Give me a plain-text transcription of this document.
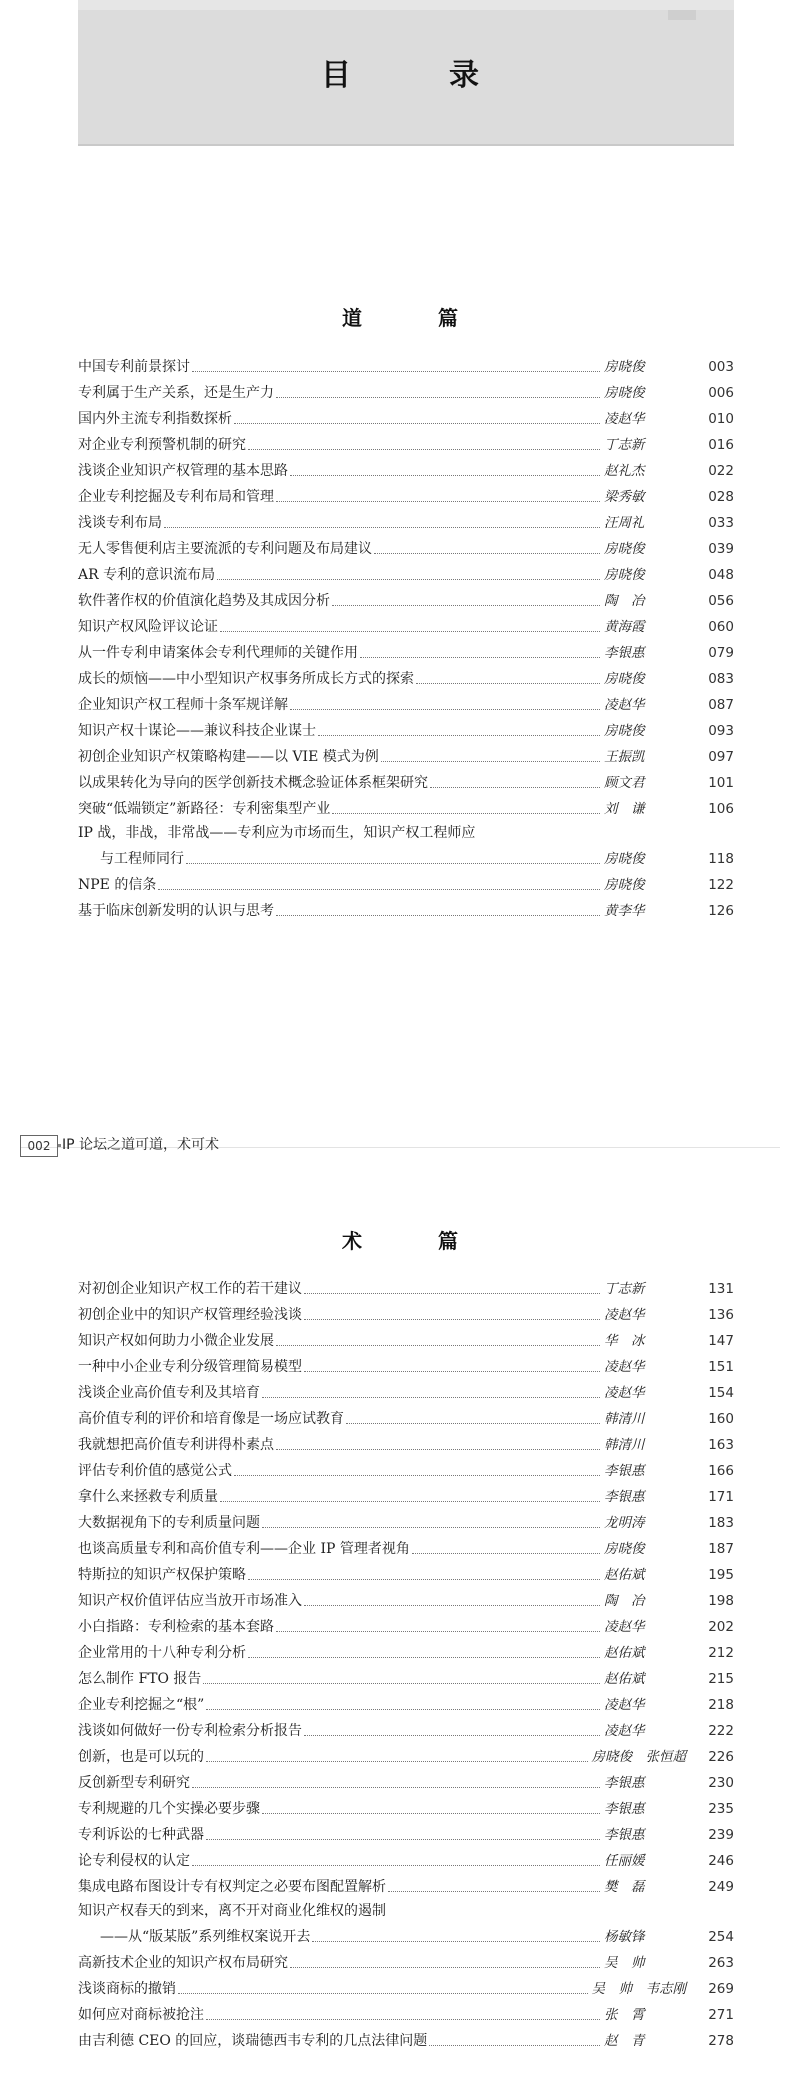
目　录
道　篇
中国专利前景探讨	房晓俊	003
专利属于生产关系，还是生产力	房晓俊	006
国内外主流专利指数探析	凌赵华	010
对企业专利预警机制的研究	丁志新	016
浅谈企业知识产权管理的基本思路	赵礼杰	022
企业专利挖掘及专利布局和管理	梁秀敏	028
浅谈专利布局	汪周礼	033
无人零售便利店主要流派的专利问题及布局建议	房晓俊	039
AR 专利的意识流布局	房晓俊	048
软件著作权的价值演化趋势及其成因分析	陶　冶	056
知识产权风险评议论证	黄海霞	060
从一件专利申请案体会专利代理师的关键作用	李银惠	079
成长的烦恼——中小型知识产权事务所成长方式的探索	房晓俊	083
企业知识产权工程师十条军规详解	凌赵华	087
知识产权十谋论——兼议科技企业谋士	房晓俊	093
初创企业知识产权策略构建——以 VIE 模式为例	王振凯	097
以成果转化为导向的医学创新技术概念验证体系框架研究	顾文君	101
突破“低端锁定”新路径：专利密集型产业	刘　谦	106
IP 战，非战，非常战——专利应为市场而生，知识产权工程师应
与工程师同行	房晓俊	118
NPE 的信条	房晓俊	122
基于临床创新发明的认识与思考	黄李华	126
002 IP 论坛之道可道，术可术
术　篇
对初创企业知识产权工作的若干建议	丁志新	131
初创企业中的知识产权管理经验浅谈	凌赵华	136
知识产权如何助力小微企业发展	华　冰	147
一种中小企业专利分级管理简易模型	凌赵华	151
浅谈企业高价值专利及其培育	凌赵华	154
高价值专利的评价和培育像是一场应试教育	韩清川	160
我就想把高价值专利讲得朴素点	韩清川	163
评估专利价值的感觉公式	李银惠	166
拿什么来拯救专利质量	李银惠	171
大数据视角下的专利质量问题	龙明涛	183
也谈高质量专利和高价值专利——企业 IP 管理者视角	房晓俊	187
特斯拉的知识产权保护策略	赵佑斌	195
知识产权价值评估应当放开市场准入	陶　冶	198
小白指路：专利检索的基本套路	凌赵华	202
企业常用的十八种专利分析	赵佑斌	212
怎么制作 FTO 报告	赵佑斌	215
企业专利挖掘之“根”	凌赵华	218
浅谈如何做好一份专利检索分析报告	凌赵华	222
创新，也是可以玩的	房晓俊　张恒超	226
反创新型专利研究	李银惠	230
专利规避的几个实操必要步骤	李银惠	235
专利诉讼的七种武器	李银惠	239
论专利侵权的认定	任丽媛	246
集成电路布图设计专有权判定之必要布图配置解析	樊　磊	249
知识产权春天的到来，离不开对商业化维权的遏制
——从“版某版”系列维权案说开去	杨敏锋	254
高新技术企业的知识产权布局研究	吴　帅	263
浅谈商标的撤销	吴　帅　韦志刚	269
如何应对商标被抢注	张　霄	271
由吉利德 CEO 的回应，谈瑞德西韦专利的几点法律问题	赵　青	278
